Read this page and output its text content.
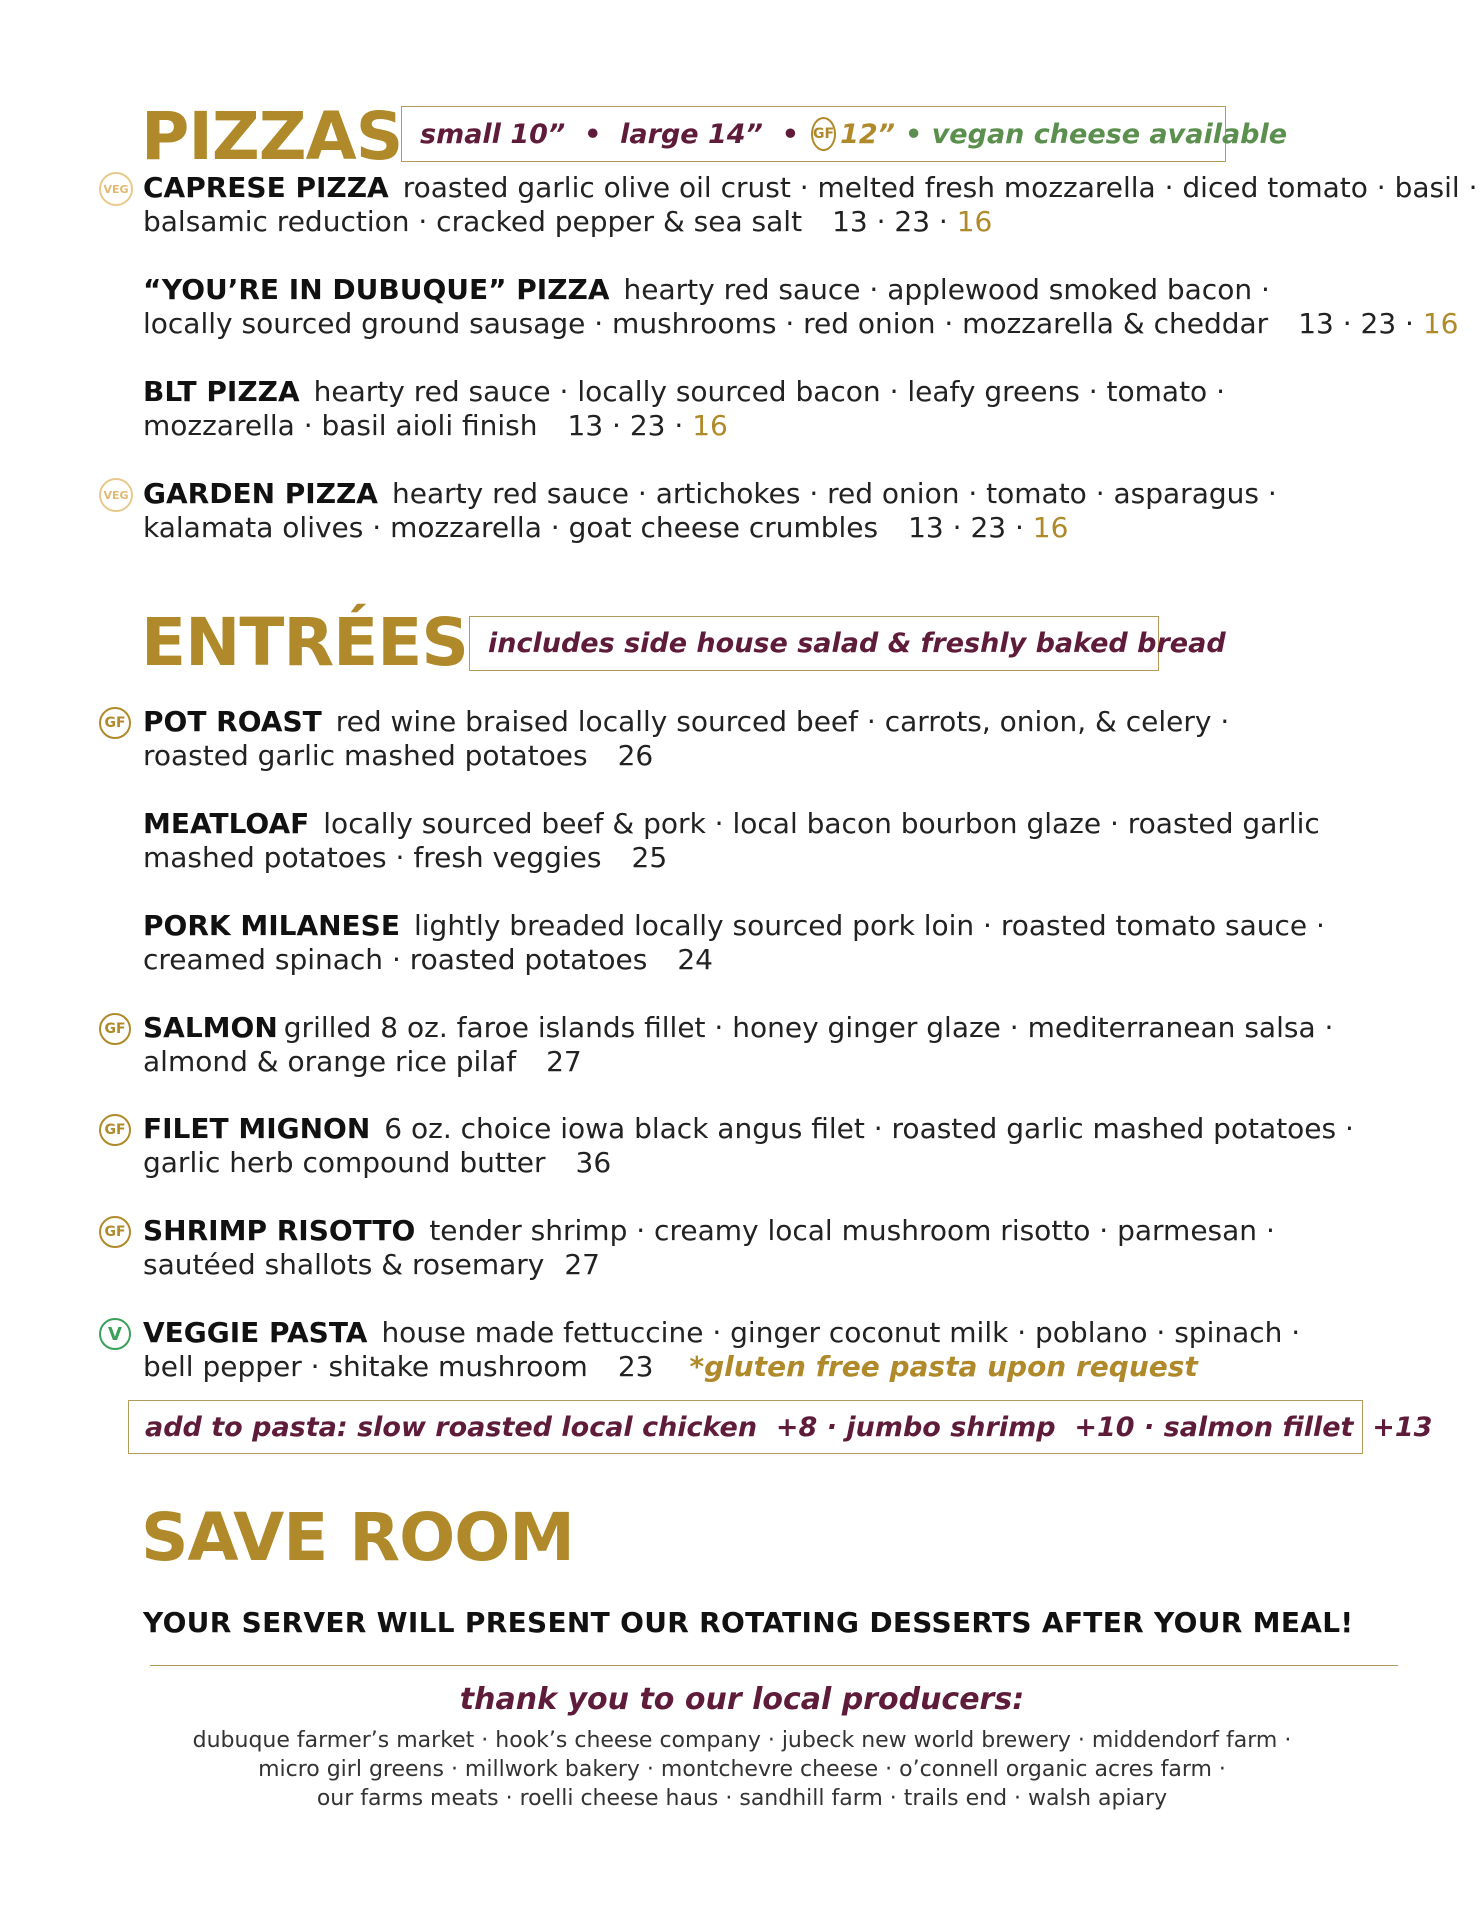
PIZZAS small 10”  •  large 14”  • GF 12” • vegan cheese available
VEG CAPRESE PIZZA roasted garlic olive oil crust · melted fresh mozzarella · diced tomato · basil ·
balsamic reduction · cracked pepper & sea salt 13 · 23 · 16
“YOU’RE IN DUBUQUE” PIZZA hearty red sauce · applewood smoked bacon ·
locally sourced ground sausage · mushrooms · red onion · mozzarella & cheddar 13 · 23 · 16
BLT PIZZA hearty red sauce · locally sourced bacon · leafy greens · tomato ·
mozzarella · basil aioli finish 13 · 23 · 16
VEG GARDEN PIZZA hearty red sauce · artichokes · red onion · tomato · asparagus ·
kalamata olives · mozzarella · goat cheese crumbles 13 · 23 · 16
ENTRÉES includes side house salad & freshly baked bread
GF POT ROAST red wine braised locally sourced beef · carrots, onion, & celery ·
roasted garlic mashed potatoes 26
MEATLOAF locally sourced beef & pork · local bacon bourbon glaze · roasted garlic
mashed potatoes · fresh veggies 25
PORK MILANESE lightly breaded locally sourced pork loin · roasted tomato sauce ·
creamed spinach · roasted potatoes 24
GF SALMON grilled 8 oz. faroe islands fillet · honey ginger glaze · mediterranean salsa ·
almond & orange rice pilaf 27
GF FILET MIGNON 6 oz. choice iowa black angus filet · roasted garlic mashed potatoes ·
garlic herb compound butter 36
GF SHRIMP RISOTTO tender shrimp · creamy local mushroom risotto · parmesan ·
sautéed shallots & rosemary 27
V VEGGIE PASTA house made fettuccine · ginger coconut milk · poblano · spinach ·
bell pepper · shitake mushroom 23 *gluten free pasta upon request
add to pasta: slow roasted local chicken  +8 · jumbo shrimp  +10 · salmon fillet  +13
SAVE ROOM
YOUR SERVER WILL PRESENT OUR ROTATING DESSERTS AFTER YOUR MEAL!
thank you to our local producers:
dubuque farmer’s market · hook’s cheese company · jubeck new world brewery · middendorf farm ·
micro girl greens · millwork bakery · montchevre cheese · o’connell organic acres farm ·
our farms meats · roelli cheese haus · sandhill farm · trails end · walsh apiary
